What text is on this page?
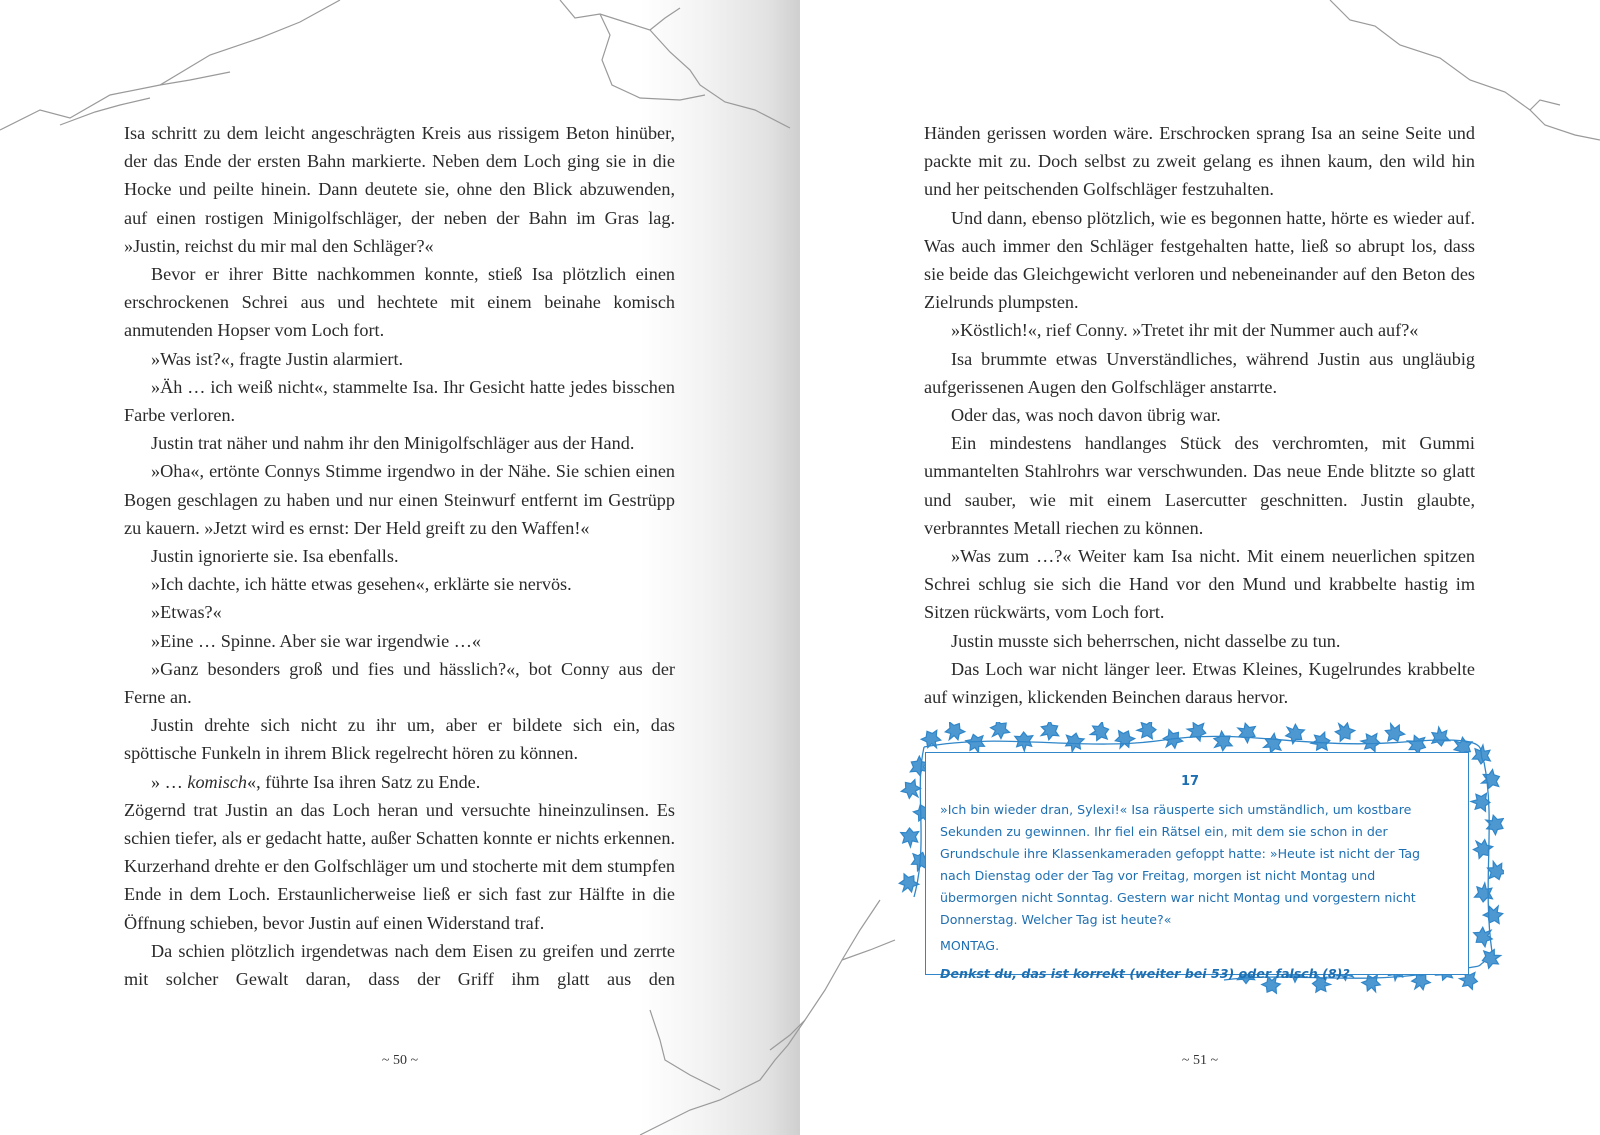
Isa schritt zu dem leicht angeschrägten Kreis aus rissigem Beton hinüber, der das Ende der ersten Bahn markierte. Neben dem Loch ging sie in die Hocke und peilte hinein. Dann deutete sie, ohne den Blick abzuwenden, auf einen rostigen Minigolfschläger, der neben der Bahn im Gras lag. »Justin, reichst du mir mal den Schläger?«

Bevor er ihrer Bitte nachkommen konnte, stieß Isa plötzlich einen erschrockenen Schrei aus und hechtete mit einem beinahe komisch anmutenden Hopser vom Loch fort.

»Was ist?«, fragte Justin alarmiert.

»Äh … ich weiß nicht«, stammelte Isa. Ihr Gesicht hatte jedes bisschen Farbe verloren.

Justin trat näher und nahm ihr den Minigolfschläger aus der Hand.

»Oha«, ertönte Connys Stimme irgendwo in der Nähe. Sie schien einen Bogen geschlagen zu haben und nur einen Steinwurf entfernt im Gestrüpp zu kauern. »Jetzt wird es ernst: Der Held greift zu den Waffen!«

Justin ignorierte sie. Isa ebenfalls.

»Ich dachte, ich hätte etwas gesehen«, erklärte sie nervös.

»Etwas?«

»Eine … Spinne. Aber sie war irgendwie …«

»Ganz besonders groß und fies und hässlich?«, bot Conny aus der Ferne an.

Justin drehte sich nicht zu ihr um, aber er bildete sich ein, das spöttische Funkeln in ihrem Blick regelrecht hören zu können.

» … komisch«, führte Isa ihren Satz zu Ende.

Zögernd trat Justin an das Loch heran und versuchte hineinzulinsen. Es schien tiefer, als er gedacht hatte, außer Schatten konnte er nichts erkennen. Kurzerhand drehte er den Golfschläger um und stocherte mit dem stumpfen Ende in dem Loch. Erstaunlicherweise ließ er sich fast zur Hälfte in die Öffnung schieben, bevor Justin auf einen Widerstand traf.

Da schien plötzlich irgendetwas nach dem Eisen zu greifen und zerrte mit solcher Gewalt daran, dass der Griff ihm glatt aus den

~ 50 ~

Händen gerissen worden wäre. Erschrocken sprang Isa an seine Seite und packte mit zu. Doch selbst zu zweit gelang es ihnen kaum, den wild hin und her peitschenden Golfschläger festzuhalten.

Und dann, ebenso plötzlich, wie es begonnen hatte, hörte es wieder auf. Was auch immer den Schläger festgehalten hatte, ließ so abrupt los, dass sie beide das Gleichgewicht verloren und nebeneinander auf den Beton des Zielrunds plumpsten.

»Köstlich!«, rief Conny. »Tretet ihr mit der Nummer auch auf?«

Isa brummte etwas Unverständliches, während Justin aus ungläubig aufgerissenen Augen den Golfschläger anstarrte.

Oder das, was noch davon übrig war.

Ein mindestens handlanges Stück des verchromten, mit Gummi ummantelten Stahlrohrs war verschwunden. Das neue Ende blitzte so glatt und sauber, wie mit einem Lasercutter geschnitten. Justin glaubte, verbranntes Metall riechen zu können.

»Was zum …?« Weiter kam Isa nicht. Mit einem neuerlichen spitzen Schrei schlug sie sich die Hand vor den Mund und krabbelte hastig im Sitzen rückwärts, vom Loch fort.

Justin musste sich beherrschen, nicht dasselbe zu tun.

Das Loch war nicht länger leer. Etwas Kleines, Kugelrundes krabbelte auf winzigen, klickenden Beinchen daraus hervor.

17

»Ich bin wieder dran, Sylexi!« Isa räusperte sich umständlich, um kostbare Sekunden zu gewinnen. Ihr fiel ein Rätsel ein, mit dem sie schon in der Grundschule ihre Klassenkameraden gefoppt hatte: »Heute ist nicht der Tag nach Dienstag oder der Tag vor Freitag, morgen ist nicht Montag und übermorgen nicht Sonntag. Gestern war nicht Montag und vorgestern nicht Donnerstag. Welcher Tag ist heute?«

MONTAG.

Denkst du, das ist korrekt (weiter bei 53) oder falsch (8)?

~ 51 ~
